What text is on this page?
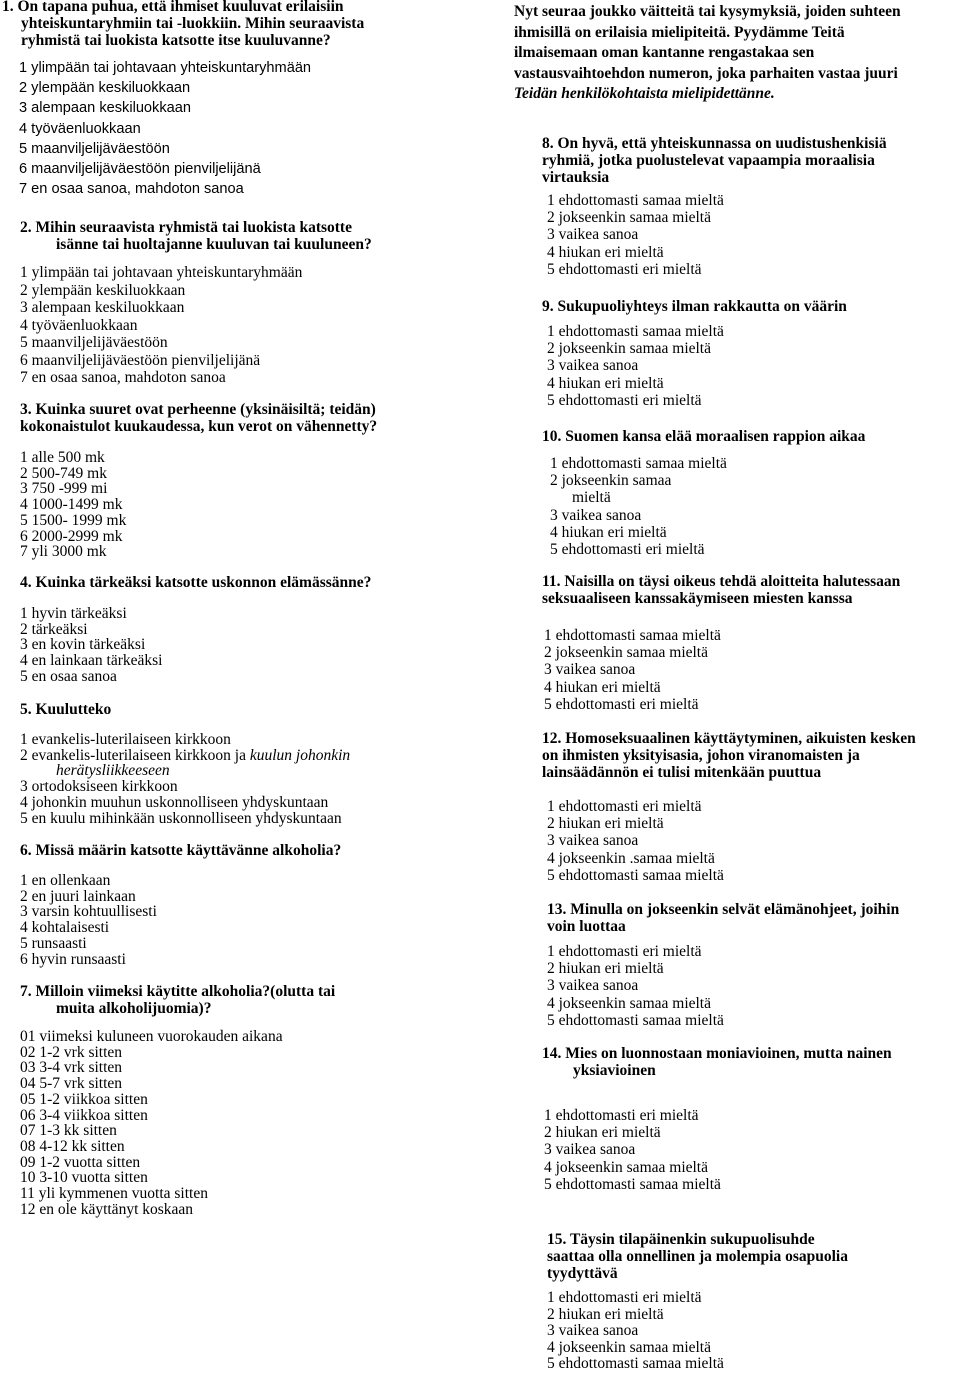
1. On tapana puhua, että ihmiset kuuluvat erilaisiin
yhteiskuntaryhmiin tai -luokkiin. Mihin seuraavista
ryhmistä tai luokista katsotte itse kuuluvanne?
1 ylimpään tai johtavaan yhteiskuntaryhmään
2 ylempään keskiluokkaan
3 alempaan keskiluokkaan
4 työväenluokkaan
5 maanviljelijäväestöön
6 maanviljelijäväestöön pienviljelijänä
7 en osaa sanoa, mahdoton sanoa
2. Mihin seuraavista ryhmistä tai luokista katsotte
isänne tai huoltajanne kuuluvan tai kuuluneen?
1 ylimpään tai johtavaan yhteiskuntaryhmään
2 ylempään keskiluokkaan
3 alempaan keskiluokkaan
4 työväenluokkaan
5 maanviljelijäväestöön
6 maanviljelijäväestöön pienviljelijänä
7 en osaa sanoa, mahdoton sanoa
3. Kuinka suuret ovat perheenne (yksinäisiltä; teidän)
kokonaistulot kuukaudessa, kun verot on vähennetty?
1 alle 500 mk
2 500-749 mk
3 750 -999 mi
4 1000-1499 mk
5 1500- 1999 mk
6 2000-2999 mk
7 yli 3000 mk
4. Kuinka tärkeäksi katsotte uskonnon elämässänne?
1 hyvin tärkeäksi
2 tärkeäksi
3 en kovin tärkeäksi
4 en lainkaan tärkeäksi
5 en osaa sanoa
5. Kuulutteko
1 evankelis-luterilaiseen kirkkoon
2 evankelis-luterilaiseen kirkkoon ja kuulun johonkin
herätysliikkeeseen
3 ortodoksiseen kirkkoon
4 johonkin muuhun uskonnolliseen yhdyskuntaan
5 en kuulu mihinkään uskonnolliseen yhdyskuntaan
6. Missä määrin katsotte käyttävänne alkoholia?
1 en ollenkaan
2 en juuri lainkaan
3 varsin kohtuullisesti
4 kohtalaisesti
5 runsaasti
6 hyvin runsaasti
7. Milloin viimeksi käytitte alkoholia?(olutta tai
muita alkoholijuomia)?
01 viimeksi kuluneen vuorokauden aikana
02 1-2 vrk sitten
03 3-4 vrk sitten
04 5-7 vrk sitten
05 1-2 viikkoa sitten
06 3-4 viikkoa sitten
07 1-3 kk sitten
08 4-12 kk sitten
09 1-2 vuotta sitten
10 3-10 vuotta sitten
11 yli kymmenen vuotta sitten
12 en ole käyttänyt koskaan
Nyt seuraa joukko väitteitä tai kysymyksiä, joiden suhteen
ihmisillä on erilaisia mielipiteitä. Pyydämme Teitä
ilmaisemaan oman kantanne rengastakaa sen
vastausvaihtoehdon numeron, joka parhaiten vastaa juuri
Teidän henkilökohtaista mielipidettänne.
8. On hyvä, että yhteiskunnassa on uudistushenkisiä
ryhmiä, jotka puolustelevat vapaampia moraalisia
virtauksia
1 ehdottomasti samaa mieltä
2 jokseenkin samaa mieltä
3 vaikea sanoa
4 hiukan eri mieltä
5 ehdottomasti eri mieltä
9. Sukupuoliyhteys ilman rakkautta on väärin
1 ehdottomasti samaa mieltä
2 jokseenkin samaa mieltä
3 vaikea sanoa
4 hiukan eri mieltä
5 ehdottomasti eri mieltä
10. Suomen kansa elää moraalisen rappion aikaa
1 ehdottomasti samaa mieltä
2 jokseenkin samaa
mieltä
3 vaikea sanoa
4 hiukan eri mieltä
5 ehdottomasti eri mieltä
11. Naisilla on täysi oikeus tehdä aloitteita halutessaan
seksuaaliseen kanssakäymiseen miesten kanssa
1 ehdottomasti samaa mieltä
2 jokseenkin samaa mieltä
3 vaikea sanoa
4 hiukan eri mieltä
5 ehdottomasti eri mieltä
12. Homoseksuaalinen käyttäytyminen, aikuisten kesken
on ihmisten yksityisasia, johon viranomaisten ja
lainsäädännön ei tulisi mitenkään puuttua
1 ehdottomasti eri mieltä
2 hiukan eri mieltä
3 vaikea sanoa
4 jokseenkin .samaa mieltä
5 ehdottomasti samaa mieltä
13. Minulla on jokseenkin selvät elämänohjeet, joihin
voin luottaa
1 ehdottomasti eri mieltä
2 hiukan eri mieltä
3 vaikea sanoa
4 jokseenkin samaa mieltä
5 ehdottomasti samaa mieltä
14. Mies on luonnostaan moniavioinen, mutta nainen
yksiavioinen
1 ehdottomasti eri mieltä
2 hiukan eri mieltä
3 vaikea sanoa
4 jokseenkin samaa mieltä
5 ehdottomasti samaa mieltä
15. Täysin tilapäinenkin sukupuolisuhde
saattaa olla onnellinen ja molempia osapuolia
tyydyttävä
1 ehdottomasti eri mieltä
2 hiukan eri mieltä
3 vaikea sanoa
4 jokseenkin samaa mieltä
5 ehdottomasti samaa mieltä
